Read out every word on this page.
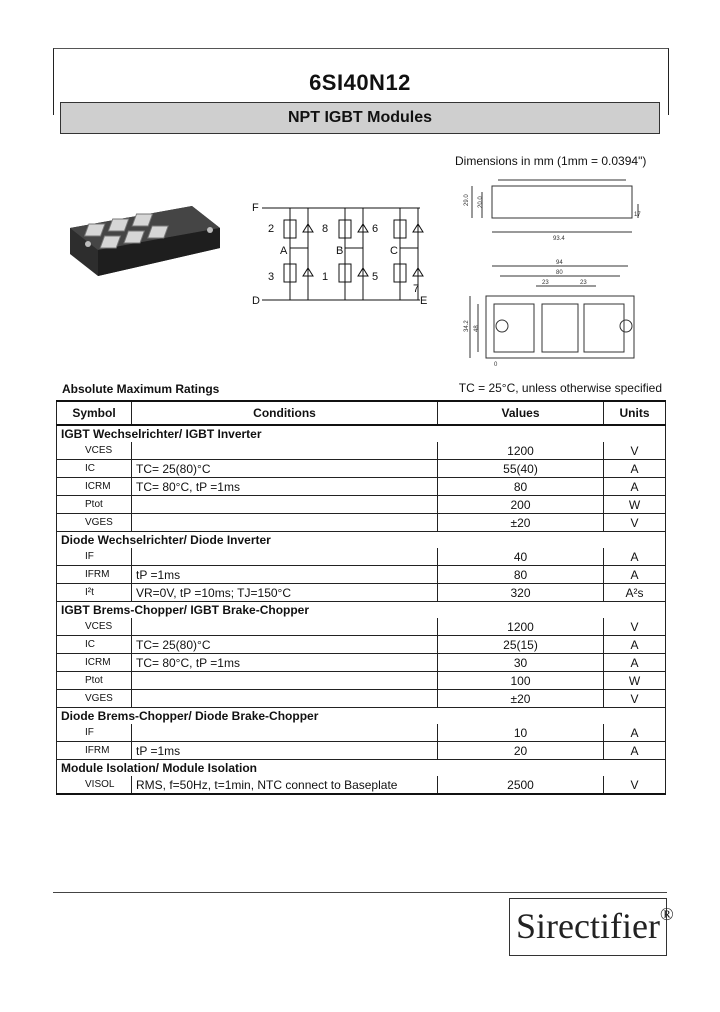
6SI40N12
NPT IGBT Modules
Dimensions in mm (1mm = 0.0394")
F
2
A
8
B
6
C
3	1	5
7
D	E
29.0 20.0
17
93.4
94
80
23	23
34.2 48
0
Absolute Maximum Ratings	TC = 25°C, unless otherwise specified
Symbol	Conditions	Values	Units
IGBT Wechselrichter/ IGBT Inverter			
VCES		1200	V
IC	TC= 25(80)°C	55(40)	A
ICRM	TC= 80°C, tP =1ms	80	A
Ptot		200	W
VGES		±20	V
Diode Wechselrichter/ Diode Inverter			
IF		40	A
IFRM	tP =1ms	80	A
I²t	VR=0V, tP =10ms; TJ=150°C	320	A²s
IGBT Brems-Chopper/ IGBT Brake-Chopper			
VCES		1200	V
IC	TC= 25(80)°C	25(15)	A
ICRM	TC= 80°C, tP =1ms	30	A
Ptot		100	W
VGES		±20	V
Diode Brems-Chopper/ Diode Brake-Chopper			
IF		10	A
IFRM	tP =1ms	20	A
Module Isolation/ Module Isolation			
VISOL	RMS, f=50Hz, t=1min, NTC connect to Baseplate	2500	V
Sirectifier®
